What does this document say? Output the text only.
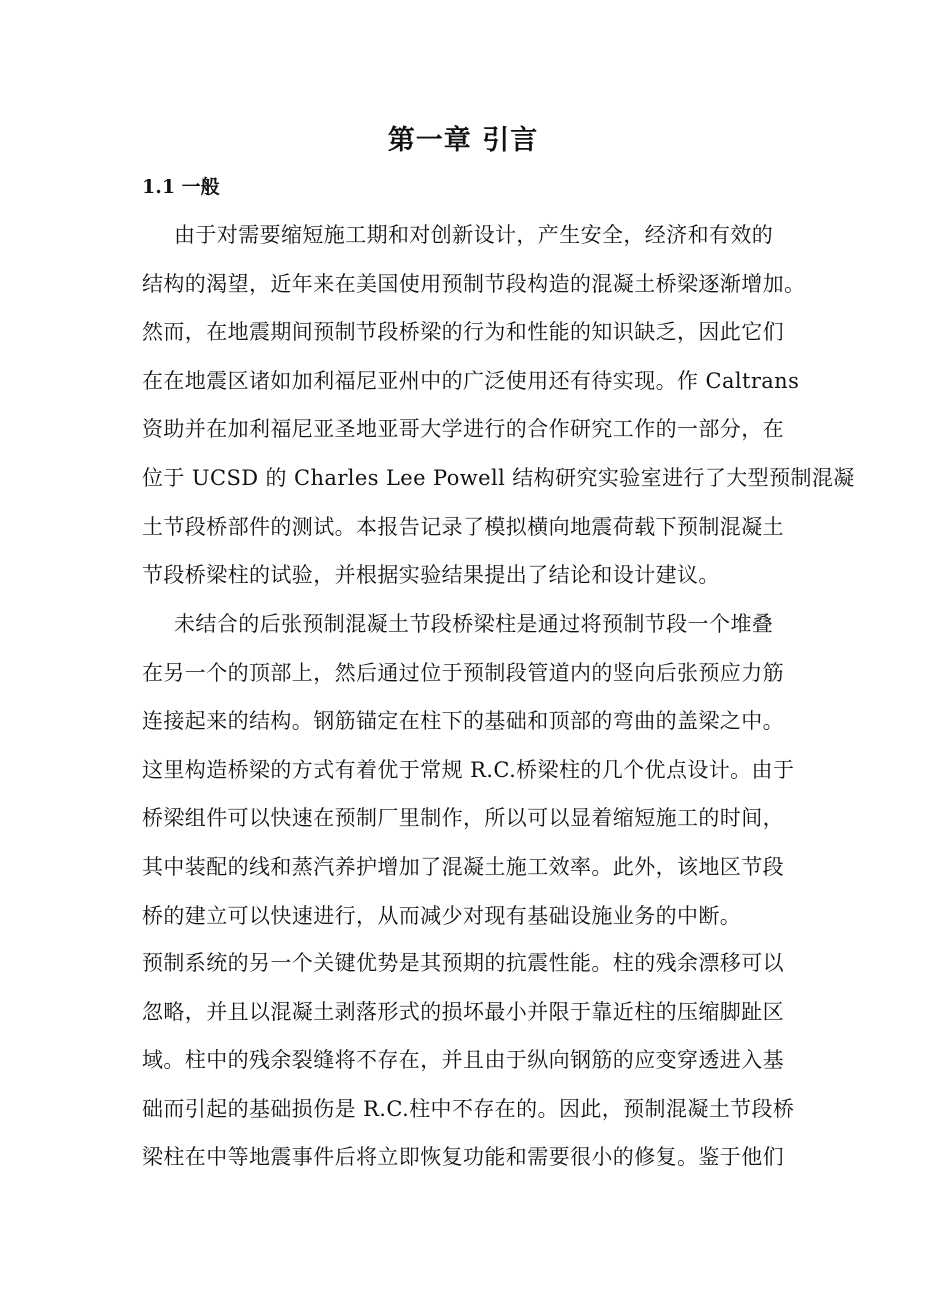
第一章 引言
1.1 一般
由于对需要缩短施工期和对创新设计，产生安全，经济和有效的
结构的渴望，近年来在美国使用预制节段构造的混凝土桥梁逐渐增加。
然而，在地震期间预制节段桥梁的行为和性能的知识缺乏，因此它们
在在地震区诸如加利福尼亚州中的广泛使用还有待实现。作 Caltrans
资助并在加利福尼亚圣地亚哥大学进行的合作研究工作的一部分，在
位于 UCSD 的 Charles Lee Powell 结构研究实验室进行了大型预制混凝
土节段桥部件的测试。本报告记录了模拟横向地震荷载下预制混凝土
节段桥梁柱的试验，并根据实验结果提出了结论和设计建议。
未结合的后张预制混凝土节段桥梁柱是通过将预制节段一个堆叠
在另一个的顶部上，然后通过位于预制段管道内的竖向后张预应力筋
连接起来的结构。钢筋锚定在柱下的基础和顶部的弯曲的盖梁之中。
这里构造桥梁的方式有着优于常规 R.C.桥梁柱的几个优点设计。由于
桥梁组件可以快速在预制厂里制作，所以可以显着缩短施工的时间，
其中装配的线和蒸汽养护增加了混凝土施工效率。此外，该地区节段
桥的建立可以快速进行，从而减少对现有基础设施业务的中断。
预制系统的另一个关键优势是其预期的抗震性能。柱的残余漂移可以
忽略，并且以混凝土剥落形式的损坏最小并限于靠近柱的压缩脚趾区
域。柱中的残余裂缝将不存在，并且由于纵向钢筋的应变穿透进入基
础而引起的基础损伤是 R.C.柱中不存在的。因此，预制混凝土节段桥
梁柱在中等地震事件后将立即恢复功能和需要很小的修复。鉴于他们
